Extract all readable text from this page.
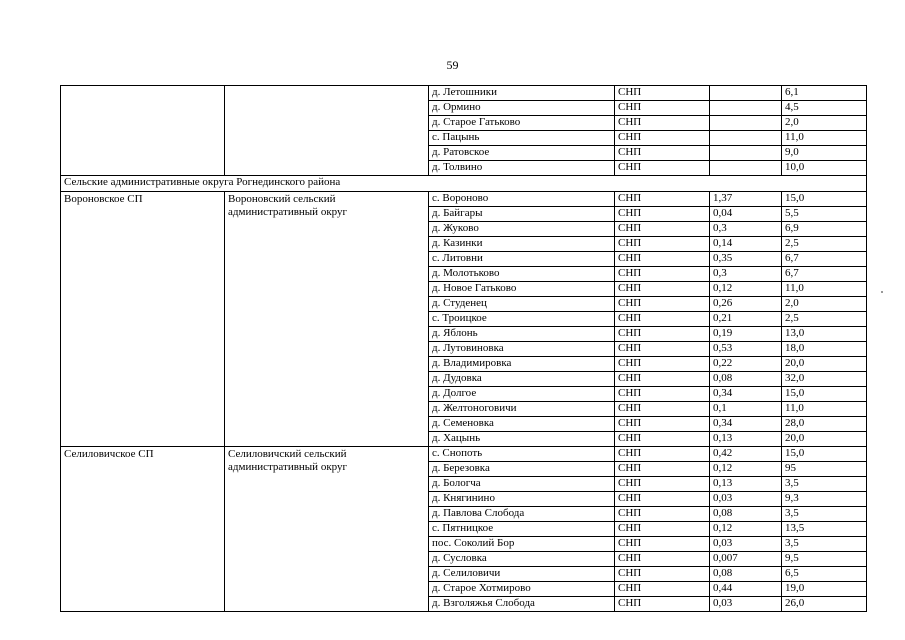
59
		д. Летошники	СНП		6,1
		д. Ормино	СНП		4,5
		д. Старое Гатьково	СНП		2,0
		с. Пацынь	СНП		11,0
		д. Ратовское	СНП		9,0
		д. Толвино	СНП		10,0
Сельские административные округа Рогнединского района					
Вороновское СП	Вороновский сельский административный округ	с. Вороново	СНП	1,37	15,0
		д. Байгары	СНП	0,04	5,5
		д. Жуково	СНП	0,3	6,9
		д. Казинки	СНП	0,14	2,5
		с. Литовни	СНП	0,35	6,7
		д. Молотьково	СНП	0,3	6,7
		д. Новое Гатьково	СНП	0,12	11,0
		д. Студенец	СНП	0,26	2,0
		с. Троицкое	СНП	0,21	2,5
		д. Яблонь	СНП	0,19	13,0
		д. Лутовиновка	СНП	0,53	18,0
		д. Владимировка	СНП	0,22	20,0
		д. Дудовка	СНП	0,08	32,0
		д. Долгое	СНП	0,34	15,0
		д. Желтоноговичи	СНП	0,1	11,0
		д. Семеновка	СНП	0,34	28,0
		д. Хацынь	СНП	0,13	20,0
Селиловичское СП	Селиловичский сельский административный округ	с. Снопоть	СНП	0,42	15,0
		д. Березовка	СНП	0,12	95
		д. Бологча	СНП	0,13	3,5
		д. Княгинино	СНП	0,03	9,3
		д. Павлова Слобода	СНП	0,08	3,5
		с. Пятницкое	СНП	0,12	13,5
		пос. Соколий Бор	СНП	0,03	3,5
		д. Сусловка	СНП	0,007	9,5
		д. Селиловичи	СНП	0,08	6,5
		д. Старое Хотмирово	СНП	0,44	19,0
		д. Взголяжья Слобода	СНП	0,03	26,0
